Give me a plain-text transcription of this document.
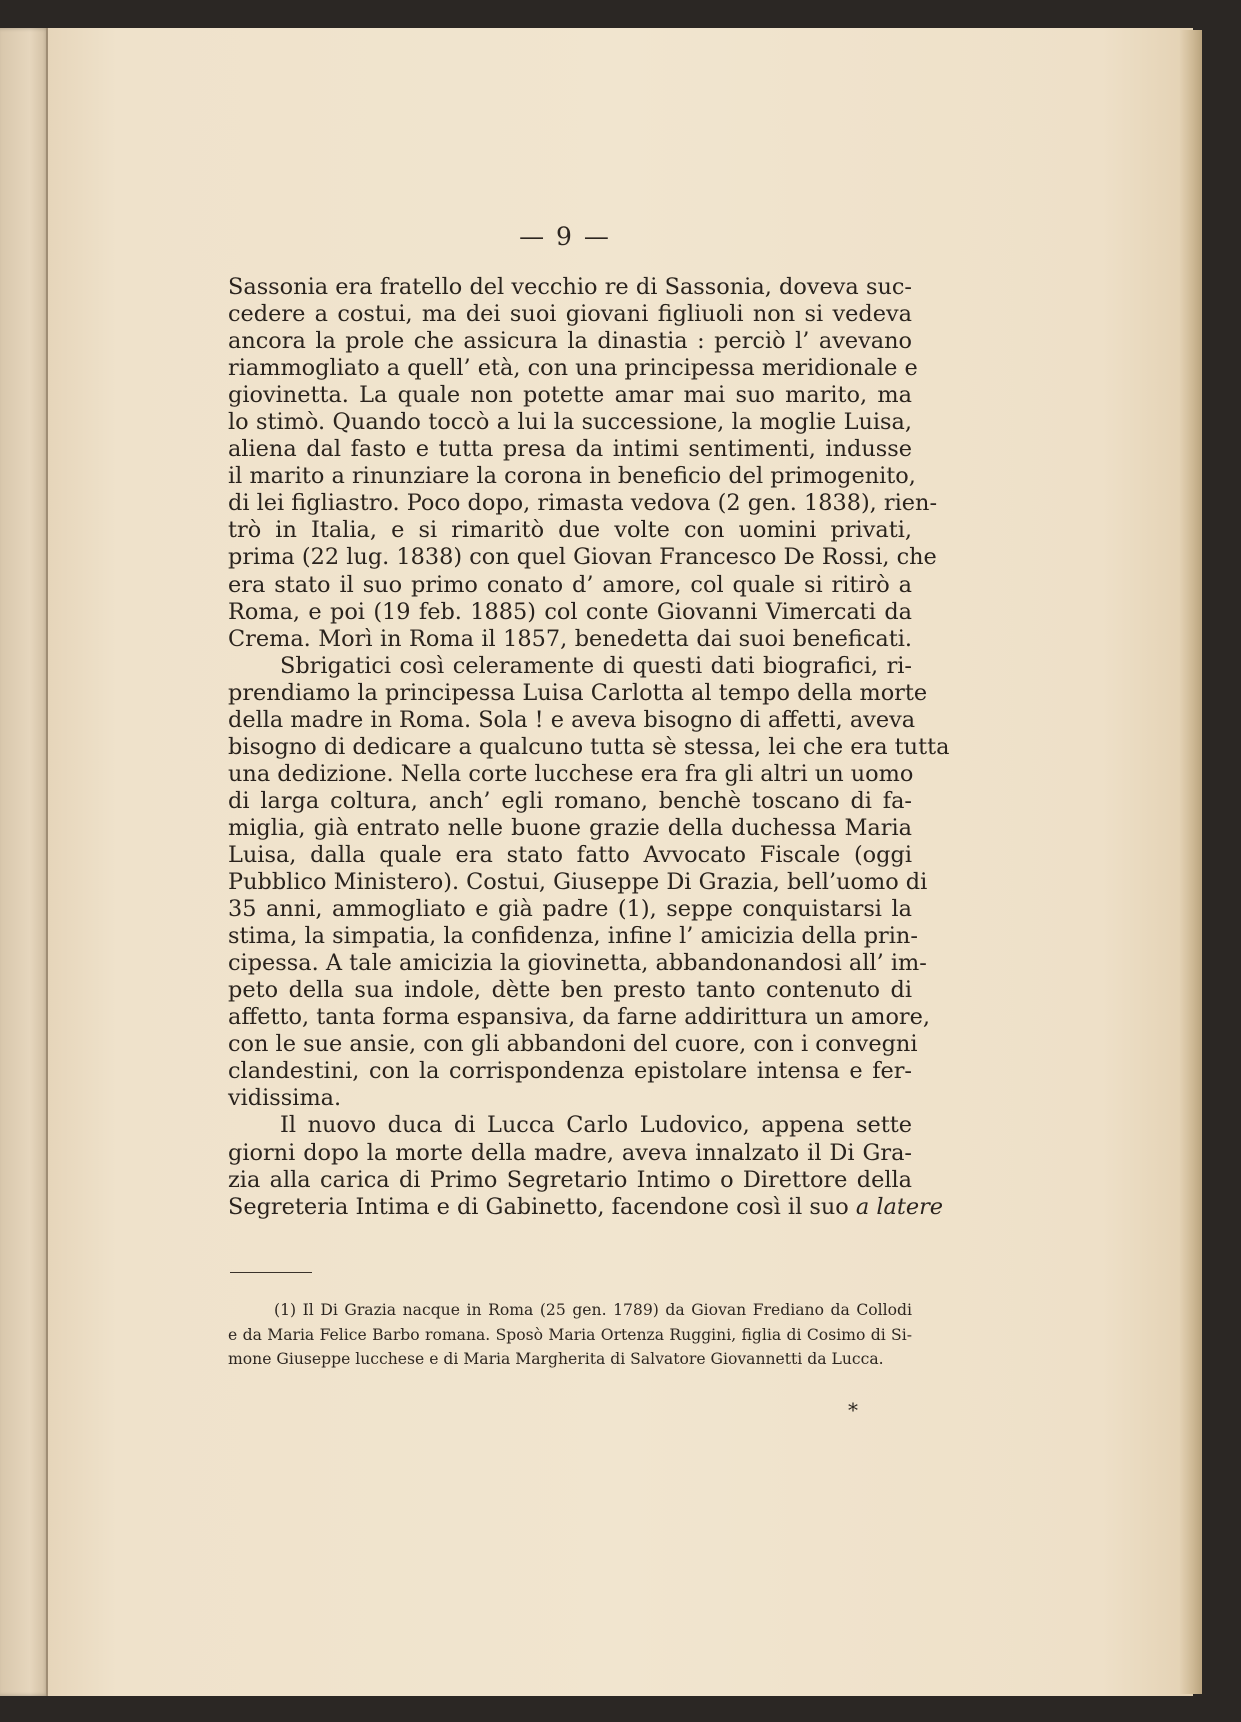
— 9 —

Sassonia era fratello del vecchio re di Sassonia, doveva suc-
cedere a costui, ma dei suoi giovani figliuoli non si vedeva
ancora la prole che assicura la dinastia : perciò l’ avevano
riammogliato a quell’ età, con una principessa meridionale e
giovinetta. La quale non potette amar mai suo marito, ma
lo stimò. Quando toccò a lui la successione, la moglie Luisa,
aliena dal fasto e tutta presa da intimi sentimenti, indusse
il marito a rinunziare la corona in beneficio del primogenito,
di lei figliastro. Poco dopo, rimasta vedova (2 gen. 1838), rien-
trò in Italia, e si rimaritò due volte con uomini privati,
prima (22 lug. 1838) con quel Giovan Francesco De Rossi, che
era stato il suo primo conato d’ amore, col quale si ritirò a
Roma, e poi (19 feb. 1885) col conte Giovanni Vimercati da
Crema. Morì in Roma il 1857, benedetta dai suoi beneficati.

Sbrigatici così celeramente di questi dati biografici, ri-
prendiamo la principessa Luisa Carlotta al tempo della morte
della madre in Roma. Sola ! e aveva bisogno di affetti, aveva
bisogno di dedicare a qualcuno tutta sè stessa, lei che era tutta
una dedizione. Nella corte lucchese era fra gli altri un uomo
di larga coltura, anch’ egli romano, benchè toscano di fa-
miglia, già entrato nelle buone grazie della duchessa Maria
Luisa, dalla quale era stato fatto Avvocato Fiscale (oggi
Pubblico Ministero). Costui, Giuseppe Di Grazia, bell’uomo di
35 anni, ammogliato e già padre (1), seppe conquistarsi la
stima, la simpatia, la confidenza, infine l’ amicizia della prin-
cipessa. A tale amicizia la giovinetta, abbandonandosi all’ im-
peto della sua indole, dètte ben presto tanto contenuto di
affetto, tanta forma espansiva, da farne addirittura un amore,
con le sue ansie, con gli abbandoni del cuore, con i convegni
clandestini, con la corrispondenza epistolare intensa e fer-
vidissima.

Il nuovo duca di Lucca Carlo Ludovico, appena sette
giorni dopo la morte della madre, aveva innalzato il Di Gra-
zia alla carica di Primo Segretario Intimo o Direttore della
Segreteria Intima e di Gabinetto, facendone così il suo a latere

(1) Il Di Grazia nacque in Roma (25 gen. 1789) da Giovan Frediano da Collodi
e da Maria Felice Barbo romana. Sposò Maria Ortenza Ruggini, figlia di Cosimo di Si-
mone Giuseppe lucchese e di Maria Margherita di Salvatore Giovannetti da Lucca.
*
